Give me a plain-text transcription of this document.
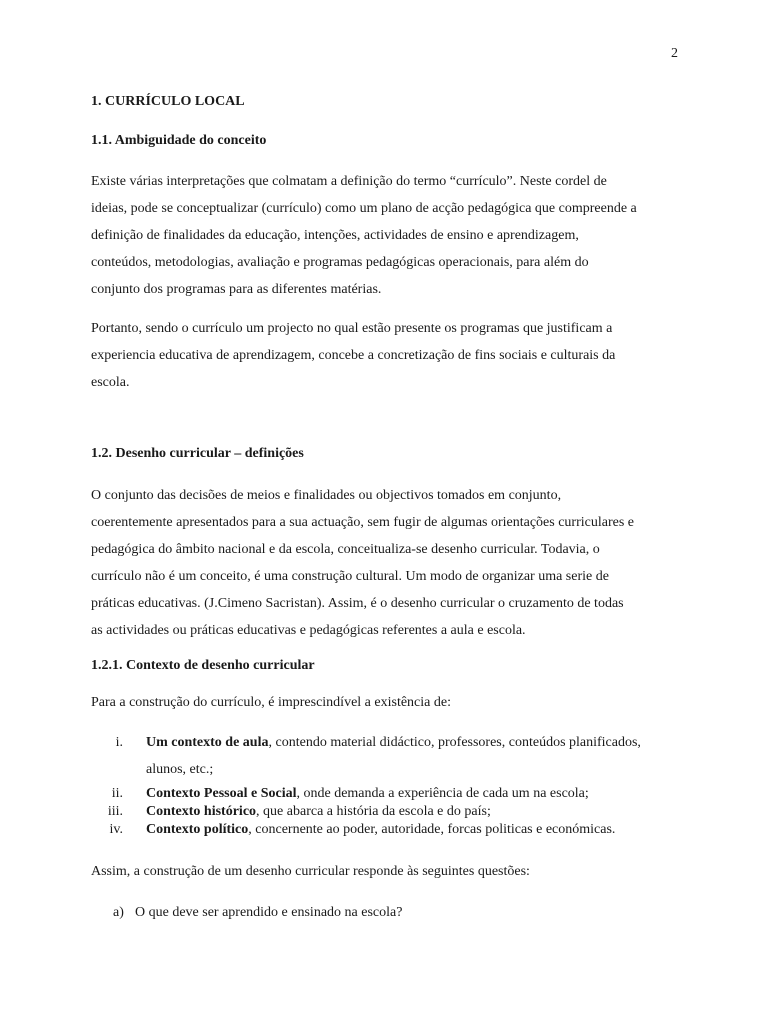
2

1. CURRÍCULO LOCAL

1.1. Ambiguidade do conceito

Existe várias interpretações que colmatam a definição do termo “currículo”. Neste cordel de
ideias, pode se conceptualizar (currículo) como um plano de acção pedagógica que compreende a
definição de finalidades da educação, intenções, actividades de ensino e aprendizagem,
conteúdos, metodologias, avaliação e programas pedagógicas operacionais, para além do
conjunto dos programas para as diferentes matérias.
Portanto, sendo o currículo um projecto no qual estão presente os programas que justificam a
experiencia educativa de aprendizagem, concebe a concretização de fins sociais e culturais da
escola.

1.2. Desenho curricular – definições

O conjunto das decisões de meios e finalidades ou objectivos tomados em conjunto,
coerentemente apresentados para a sua actuação, sem fugir de algumas orientações curriculares e
pedagógica do âmbito nacional e da escola, conceitualiza-se desenho curricular. Todavia, o
currículo não é um conceito, é uma construção cultural. Um modo de organizar uma serie de
práticas educativas. (J.Cimeno Sacristan). Assim, é o desenho curricular o cruzamento de todas
as actividades ou práticas educativas e pedagógicas referentes a aula e escola.

1.2.1. Contexto de desenho curricular

Para a construção do currículo, é imprescindível a existência de:

i. Um contexto de aula, contendo material didáctico, professores, conteúdos planificados,
alunos, etc.;
ii. Contexto Pessoal e Social, onde demanda a experiência de cada um na escola;
iii. Contexto histórico, que abarca a história da escola e do país;
iv. Contexto político, concernente ao poder, autoridade, forcas politicas e económicas.

Assim, a construção de um desenho curricular responde às seguintes questões:

a) O que deve ser aprendido e ensinado na escola?
